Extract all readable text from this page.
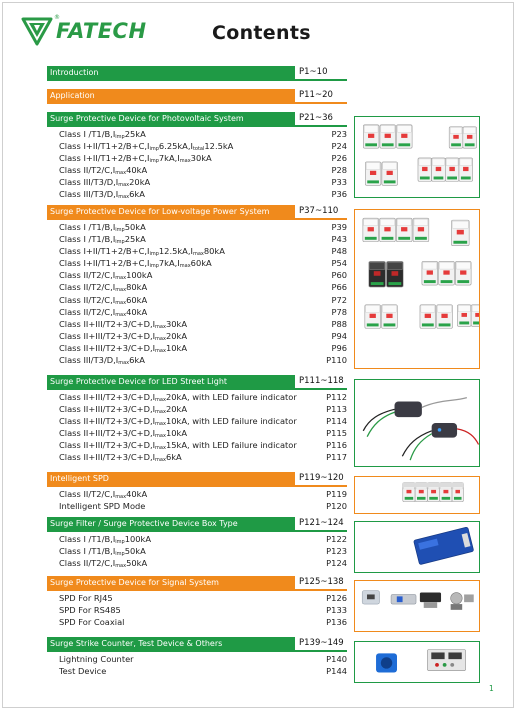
FATECH
®
Contents
Introduction	P1~10
Application	P11~20
Surge Protective Device for Photovoltaic System	P21~36
Class I $/T1/B,I_{imp}25kA$	P23
Class $I+II/T1+2/B+C,I_{imp}6.25kA,I_{total}12.5kA$	P24
Class $I+II/T1+2/B+C,I_{imp}7kA,I_{max}30kA$	P26
Class $II/T2/C,I_{max}40kA$	P28
Class III/$T3/D,I_{max}20kA$	P33
Class III/$T3/D,I_{max}6kA$	P36
Surge Protective Device for Low-voltage Power System	P37~110
Class I $/T1/B,I_{imp}50kA$	P39
Class I $/T1/B,I_{imp}25kA$	P43
Class $I+II/T1+2/B+C,I_{imp}12.5kA,I_{max}80kA$	P48
Class $I+II/T1+2/B+C,I_{imp}7kA,I_{max}60kA$	P54
Class $II/T2/C,I_{max}100kA$	P60
Class $II/T2/C,I_{max}80kA$	P66
Class $II/T2/C,I_{max}60kA$	P72
Class $II/T2/C,I_{max}40kA$	P78
Class $II+III/T2+3/C+D,I_{max}30kA$	P88
Class $II+III/T2+3/C+D,I_{max}20kA$	P94
Class $II+III/T2+3/C+D,I_{max}10kA$	P96
Class III/$T3/D,I_{max}6kA$	P110
Surge Protective Device for LED Street Light	P111~118
Class $II+III/T2+3/C+D,I_{max}20kA$, with LED failure indicator	P112
Class $II+III/T2+3/C+D,I_{max}20kA$	P113
Class $II+III/T2+3/C+D,I_{max}10kA$, with LED failure indicator	P114
Class $II+III/T2+3/C+D,I_{max}10kA$	P115
Class $II+III/T2+3/C+D,I_{max}15kA$, with LED failure indicator	P116
Class $II+III/T2+3/C+D,I_{max}6kA$	P117
Intelligent SPD	P119~120
Class $II/T2/C,I_{max}40kA$	P119
Intelligent SPD Mode	P120
Surge Filter / Surge Protective Device Box Type	P121~124
Class I $/T1/B,I_{imp}100kA$	P122
Class I $/T1/B,I_{imp}50kA$	P123
Class $II/T2/C,I_{max}50kA$	P124
Surge Protective Device for Signal System	P125~138
SPD For RJ45	P126
SPD For RS485	P133
SPD For Coaxial	P136
Surge Strike Counter, Test Device & Others	P139~149
Lightning Counter	P140
Test Device	P144
1
